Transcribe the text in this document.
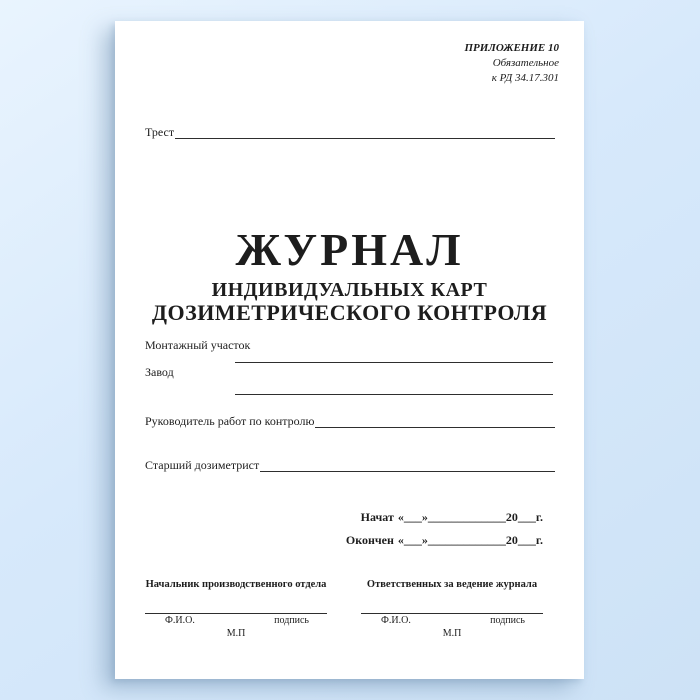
ПРИЛОЖЕНИЕ 10
Обязательное
к РД 34.17.301
Трест
ЖУРНАЛ
ИНДИВИДУАЛЬНЫХ КАРТ
ДОЗИМЕТРИЧЕСКОГО КОНТРОЛЯ
Монтажный участок
Завод
Руководитель работ по контролю
Старший дозиметрист
Начат «___»_____________20___г.
Окончен «___»_____________20___г.
Начальник производственного отдела
Ф.И.О.	подпись
М.П
Ответственных за ведение журнала
Ф.И.О.	подпись
М.П
